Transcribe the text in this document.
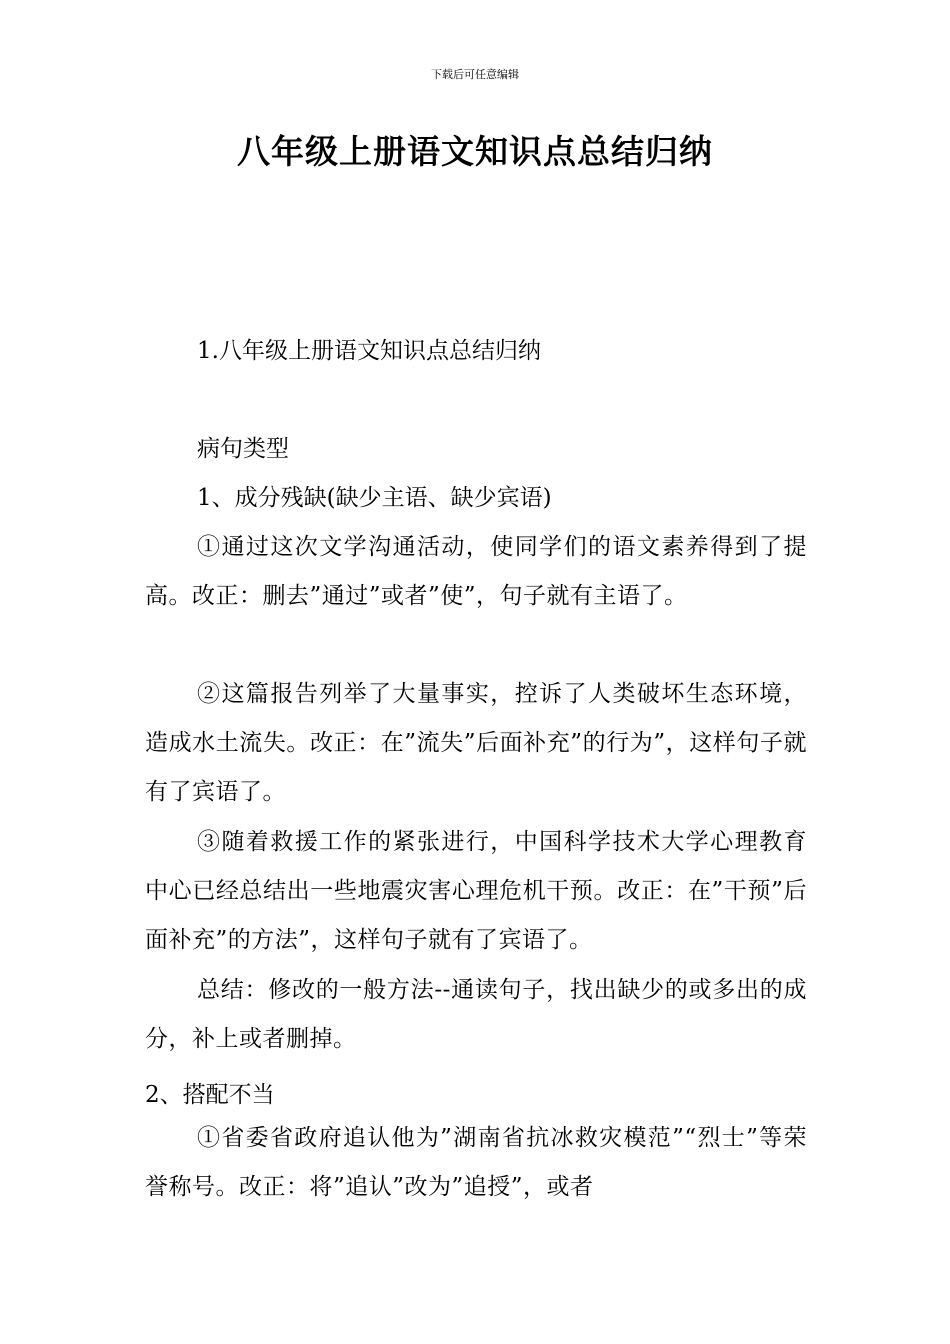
下载后可任意编辑
八年级上册语文知识点总结归纳
1.八年级上册语文知识点总结归纳
病句类型
1、成分残缺(缺少主语、缺少宾语)
①通过这次文学沟通活动，使同学们的语文素养得到了提高。改正：删去”通过”或者”使”，句子就有主语了。
②这篇报告列举了大量事实，控诉了人类破坏生态环境，造成水土流失。改正：在”流失”后面补充”的行为”，这样句子就有了宾语了。
③随着救援工作的紧张进行，中国科学技术大学心理教育中心已经总结出一些地震灾害心理危机干预。改正：在”干预”后面补充”的方法”，这样句子就有了宾语了。
总结：修改的一般方法--通读句子，找出缺少的或多出的成分，补上或者删掉。
2、搭配不当
①省委省政府追认他为”湖南省抗冰救灾模范”“烈士”等荣誉称号。改正：将”追认”改为”追授”，或者
